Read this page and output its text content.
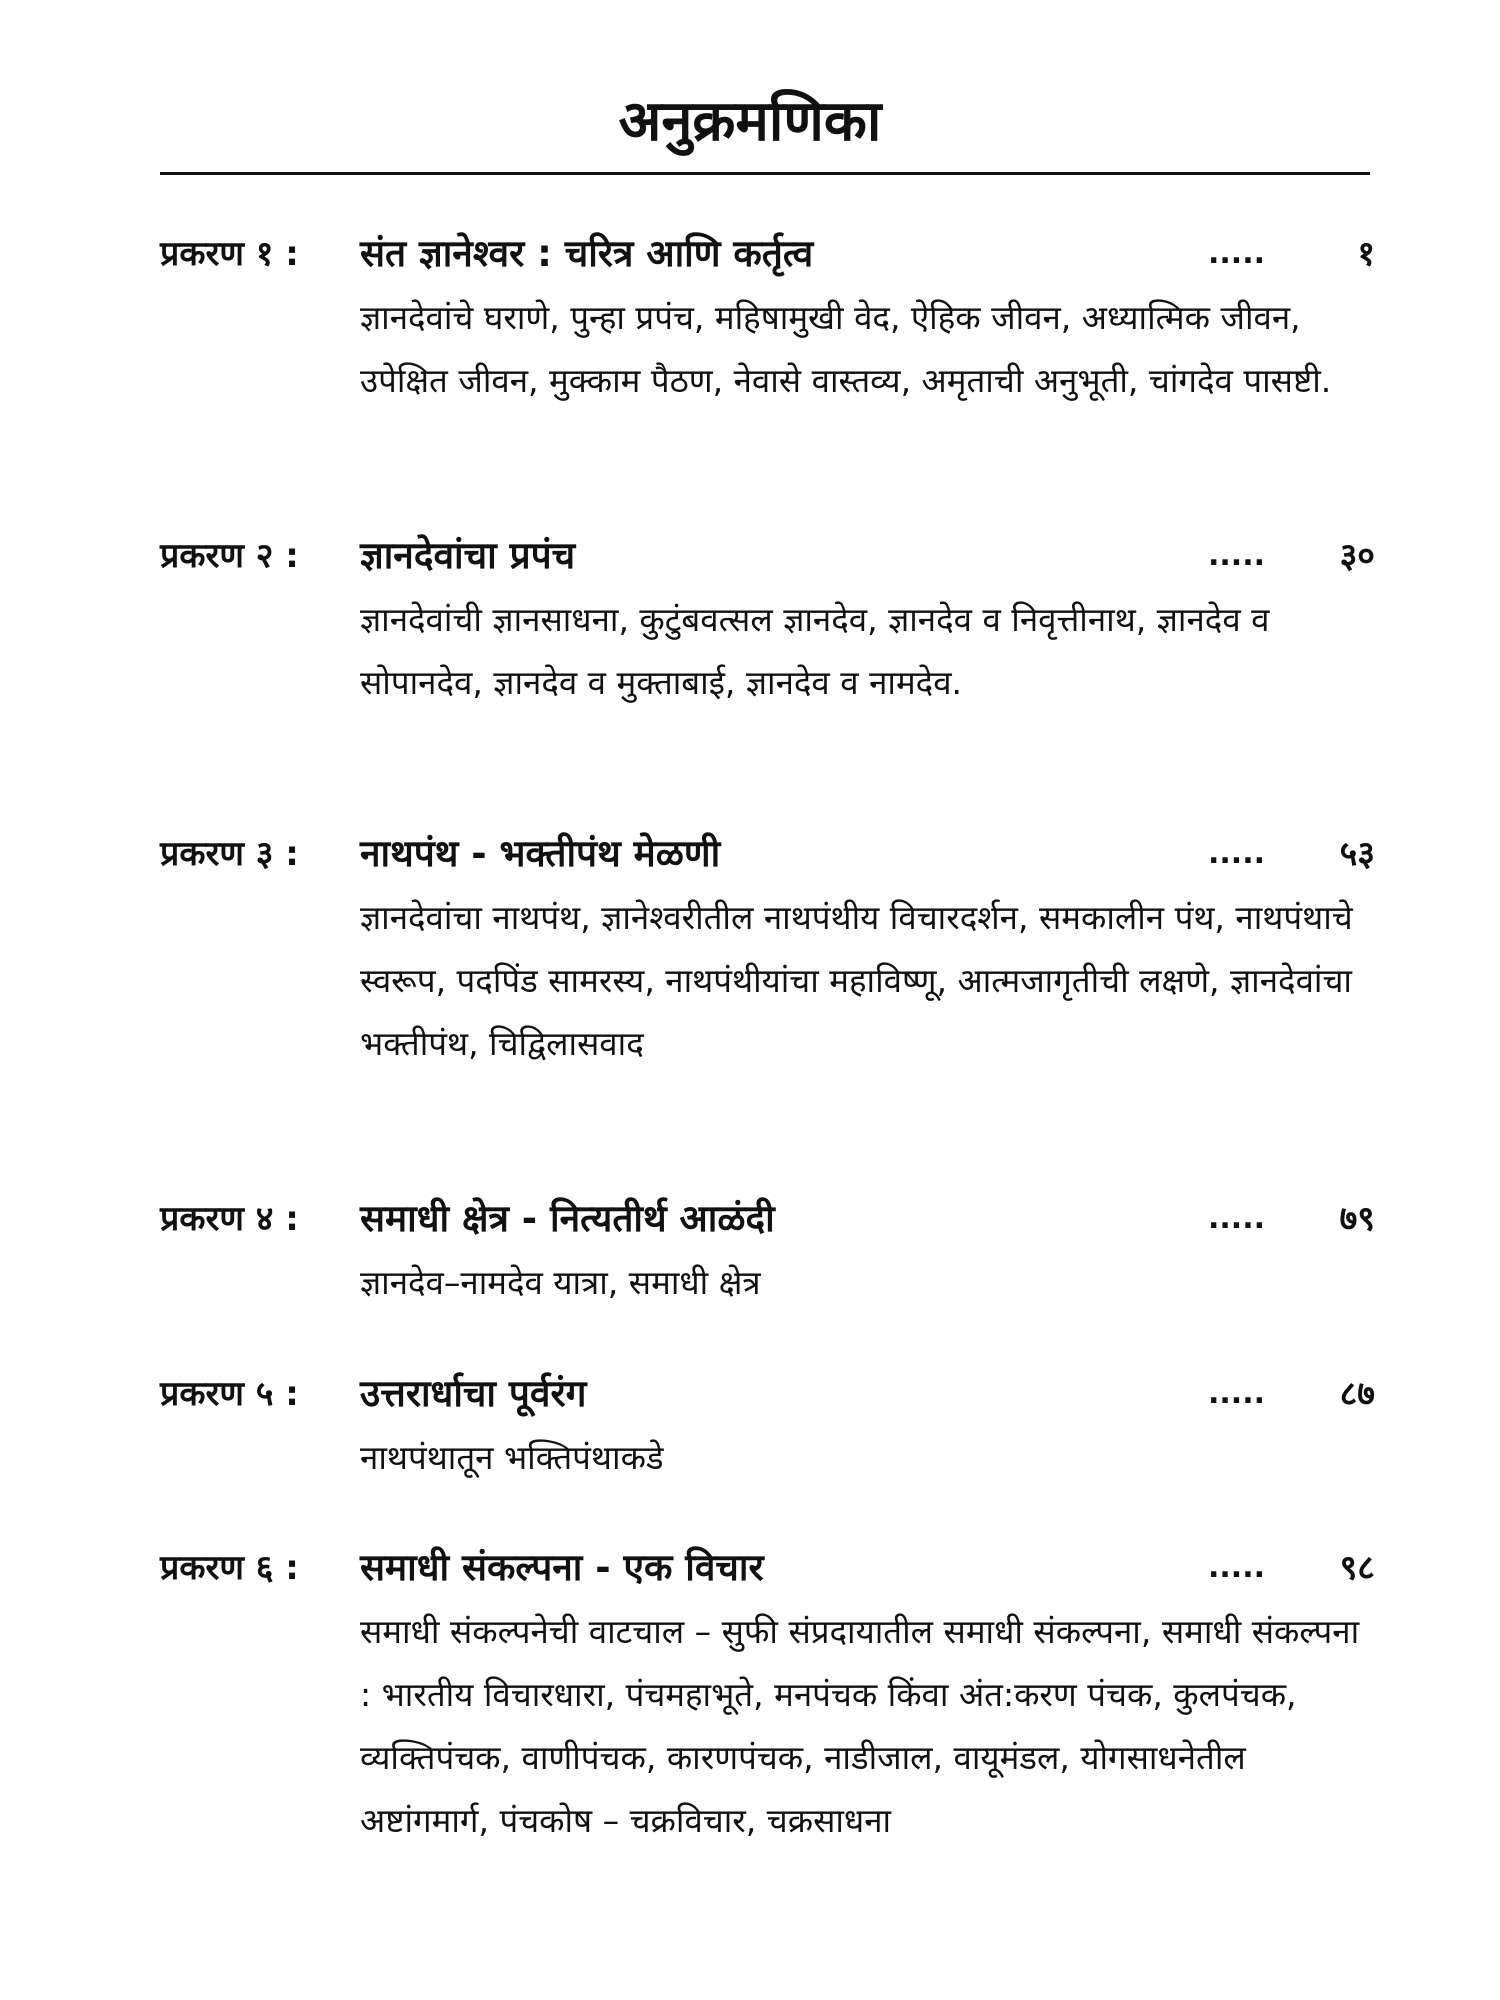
अनुक्रमणिका
प्रकरण १ : संत ज्ञानेश्वर : चरित्र आणि कर्तृत्व	.....	१

ज्ञानदेवांचे घराणे, पुन्हा प्रपंच, महिषामुखी वेद, ऐहिक जीवन, अध्यात्मिक जीवन, उपेक्षित जीवन, मुक्काम पैठण, नेवासे वास्तव्य, अमृताची अनुभूती, चांगदेव पासष्टी.

प्रकरण २ : ज्ञानदेवांचा प्रपंच	..... ३०

ज्ञानदेवांची ज्ञानसाधना, कुटुंबवत्सल ज्ञानदेव, ज्ञानदेव व निवृत्तीनाथ, ज्ञानदेव व सोपानदेव, ज्ञानदेव व मुक्ताबाई, ज्ञानदेव व नामदेव.

प्रकरण ३ : नाथपंथ - भक्तीपंथ मेळणी	..... ५३

ज्ञानदेवांचा नाथपंथ, ज्ञानेश्वरीतील नाथपंथीय विचारदर्शन, समकालीन पंथ, नाथपंथाचे स्वरूप, पदपिंड सामरस्य, नाथपंथीयांचा महाविष्णू, आत्मजागृतीची लक्षणे, ज्ञानदेवांचा भक्तीपंथ, चिद्विलासवाद

प्रकरण ४ : समाधी क्षेत्र - नित्यतीर्थ आळंदी	..... ७९

ज्ञानदेव–नामदेव यात्रा, समाधी क्षेत्र

प्रकरण ५ : उत्तरार्धाचा पूर्वरंग	..... ८७

नाथपंथातून भक्तिपंथाकडे

प्रकरण ६ : समाधी संकल्पना - एक विचार	..... ९८

समाधी संकल्पनेची वाटचाल – सुफी संप्रदायातील समाधी संकल्पना, समाधी संकल्पना : भारतीय विचारधारा, पंचमहाभूते, मनपंचक किंवा अंत:करण पंचक, कुलपंचक, व्यक्तिपंचक, वाणीपंचक, कारणपंचक, नाडीजाल, वायूमंडल, योगसाधनेतील अष्टांगमार्ग, पंचकोष – चक्रविचार, चक्रसाधना
